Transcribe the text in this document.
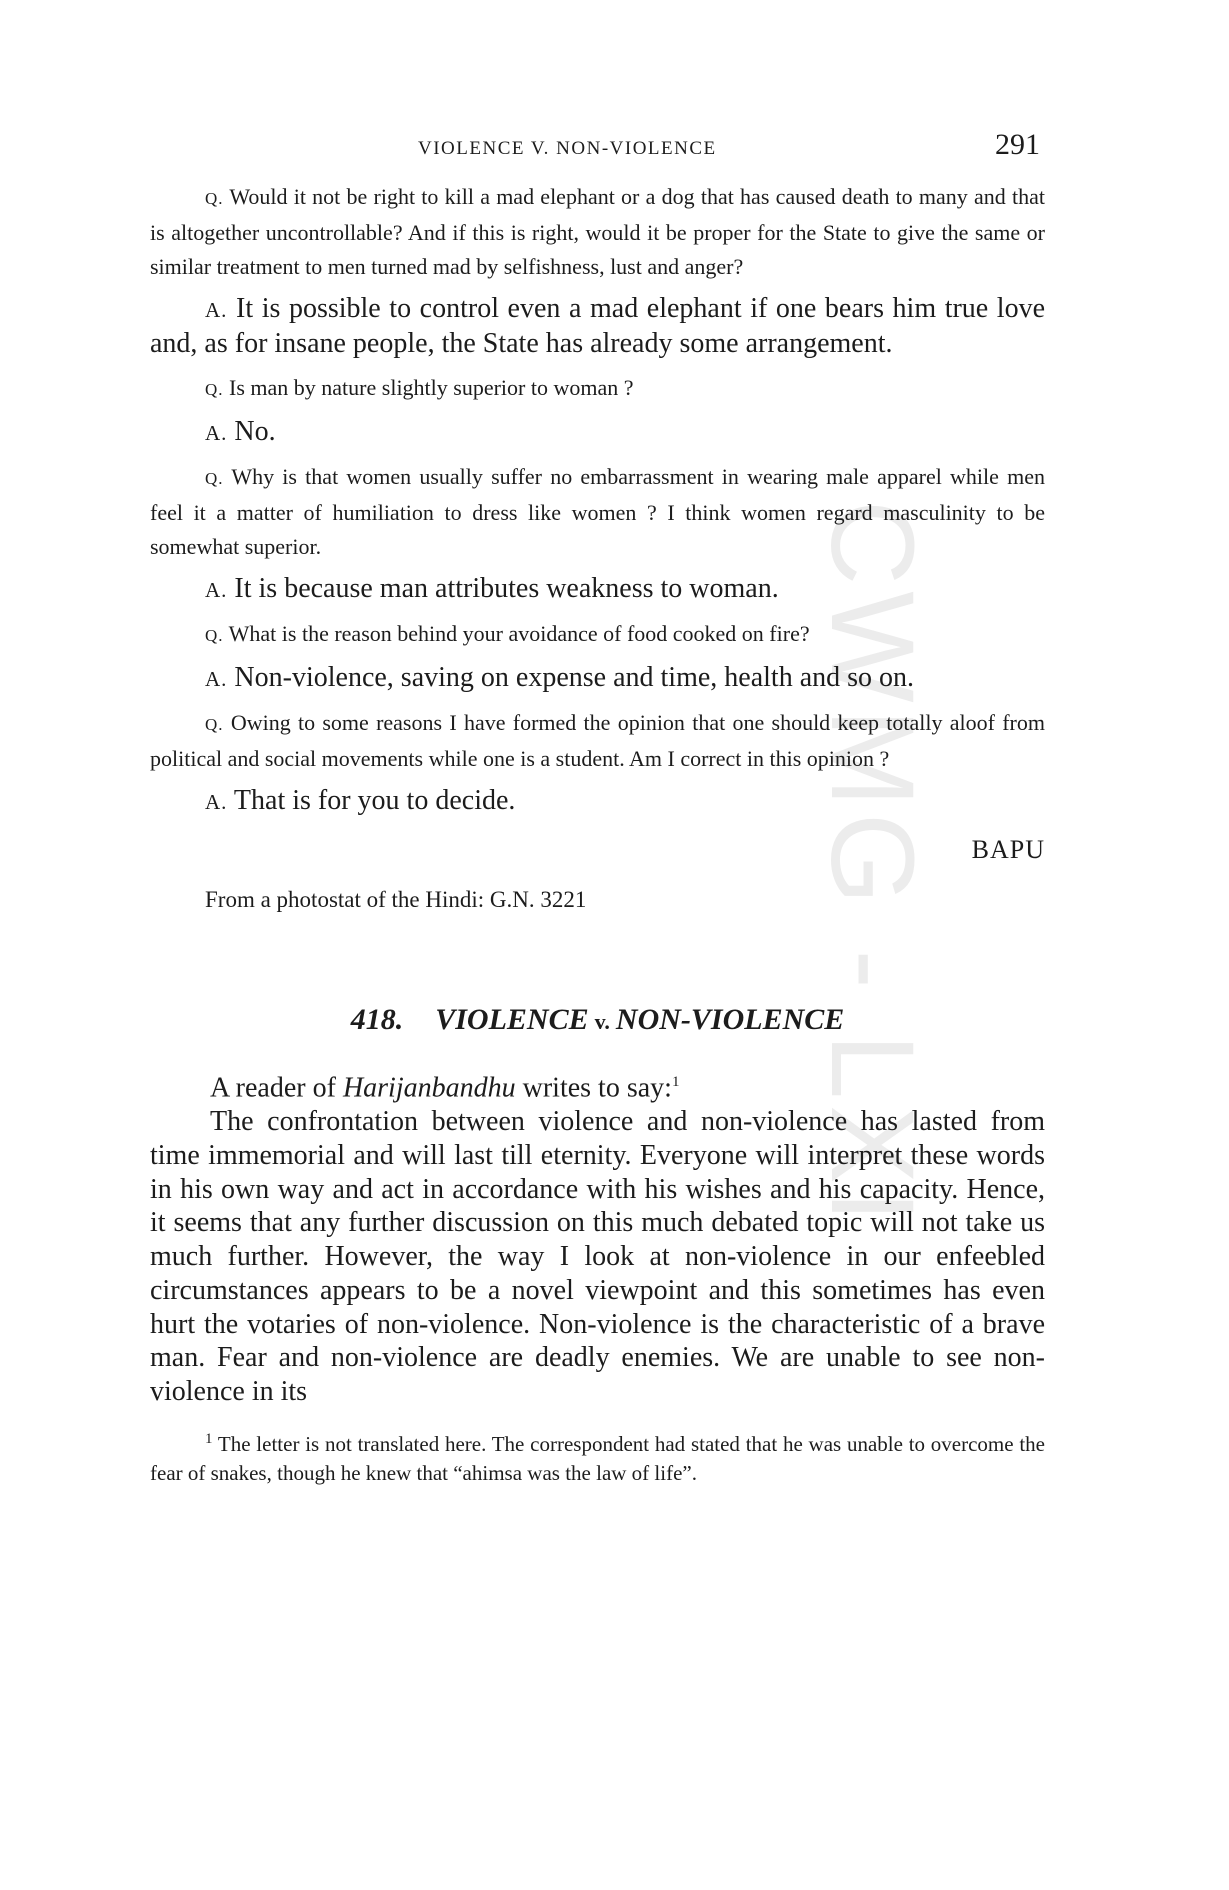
CWMG - LXI
VIOLENCE V. NON-VIOLENCE	291

Q. Would it not be right to kill a mad elephant or a dog that has caused death to many and that is altogether uncontrollable? And if this is right, would it be proper for the State to give the same or similar treatment to men turned mad by selfishness, lust and anger?

A. It is possible to control even a mad elephant if one bears him true love and, as for insane people, the State has already some arrangement.

Q. Is man by nature slightly superior to woman ?

A. No.

Q. Why is that women usually suffer no embarrassment in wearing male apparel while men feel it a matter of humiliation to dress like women ? I think women regard masculinity to be somewhat superior.

A. It is because man attributes weakness to woman.

Q. What is the reason behind your avoidance of food cooked on fire?

A. Non-violence, saving on expense and time, health and so on.

Q. Owing to some reasons I have formed the opinion that one should keep totally aloof from political and social movements while one is a student. Am I correct in this opinion ?

A. That is for you to decide.

BAPU

From a photostat of the Hindi: G.N. 3221

418. VIOLENCE v. NON-VIOLENCE

A reader of Harijanbandhu writes to say:$^1$

The confrontation between violence and non-violence has lasted from time immemorial and will last till eternity. Everyone will interpret these words in his own way and act in accordance with his wishes and his capacity. Hence, it seems that any further discussion on this much debated topic will not take us much further. However, the way I look at non-violence in our enfeebled circumstances appears to be a novel viewpoint and this sometimes has even hurt the votaries of non-violence. Non-violence is the characteristic of a brave man. Fear and non-violence are deadly enemies. We are unable to see non-violence in its

$^1$ The letter is not translated here. The correspondent had stated that he was unable to overcome the fear of snakes, though he knew that “ahimsa was the law of life”.
